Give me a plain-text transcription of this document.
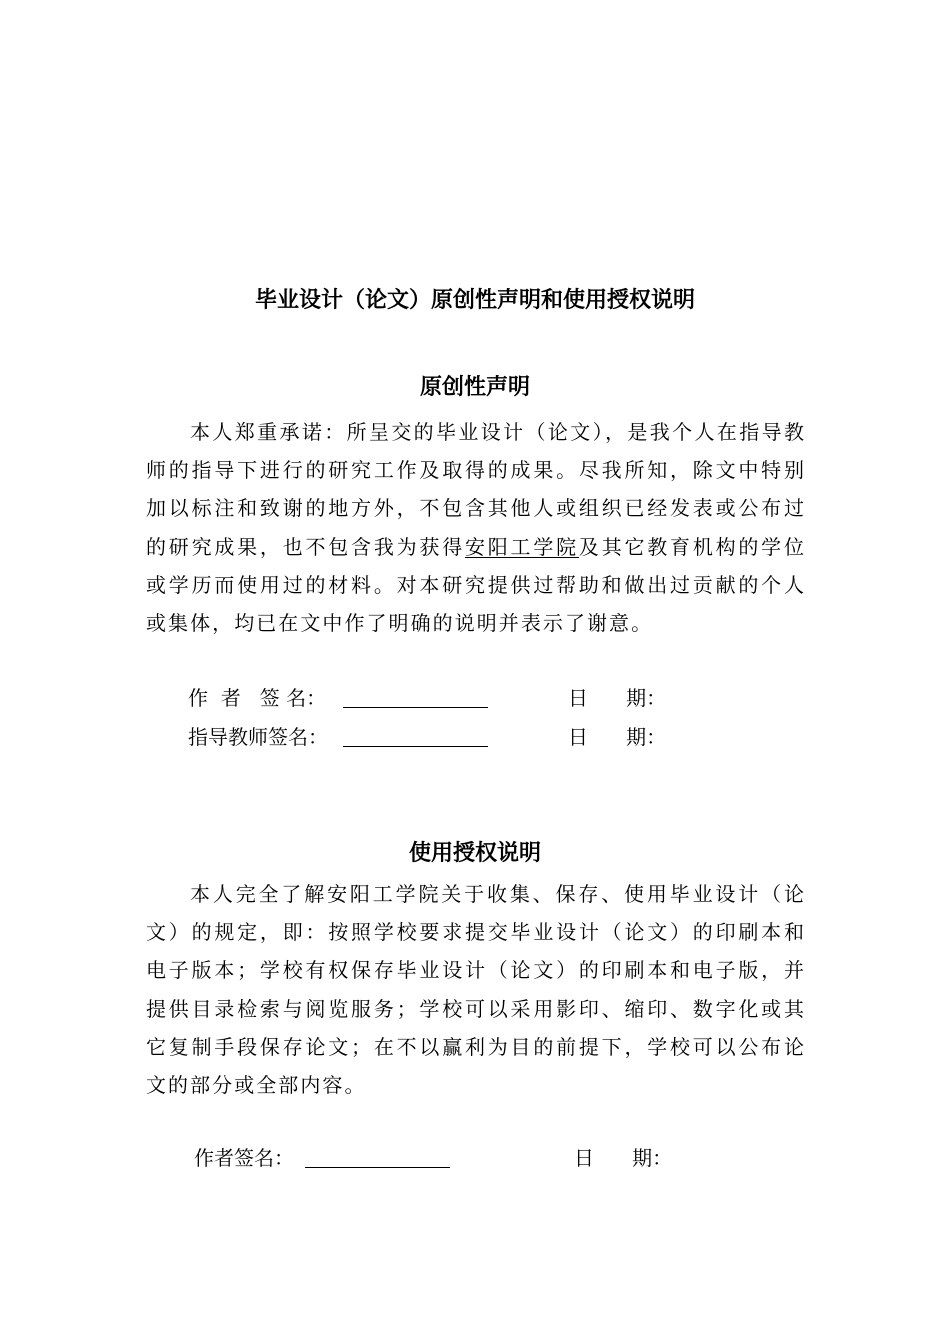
毕业设计（论文）原创性声明和使用授权说明
原创性声明

本人郑重承诺：所呈交的毕业设计（论文），是我个人在指导教师的指导下进行的研究工作及取得的成果。尽我所知，除文中特别加以标注和致谢的地方外，不包含其他人或组织已经发表或公布过的研究成果，也不包含我为获得安阳工学院及其它教育机构的学位或学历而使用过的材料。对本研究提供过帮助和做出过贡献的个人或集体，均已在文中作了明确的说明并表示了谢意。

作  者   签 名：	日      期：
指导教师签名：	日      期：
使用授权说明

本人完全了解安阳工学院关于收集、保存、使用毕业设计（论文）的规定，即：按照学校要求提交毕业设计（论文）的印刷本和电子版本；学校有权保存毕业设计（论文）的印刷本和电子版，并提供目录检索与阅览服务；学校可以采用影印、缩印、数字化或其它复制手段保存论文；在不以赢利为目的前提下，学校可以公布论文的部分或全部内容。

作者签名：	日      期：
